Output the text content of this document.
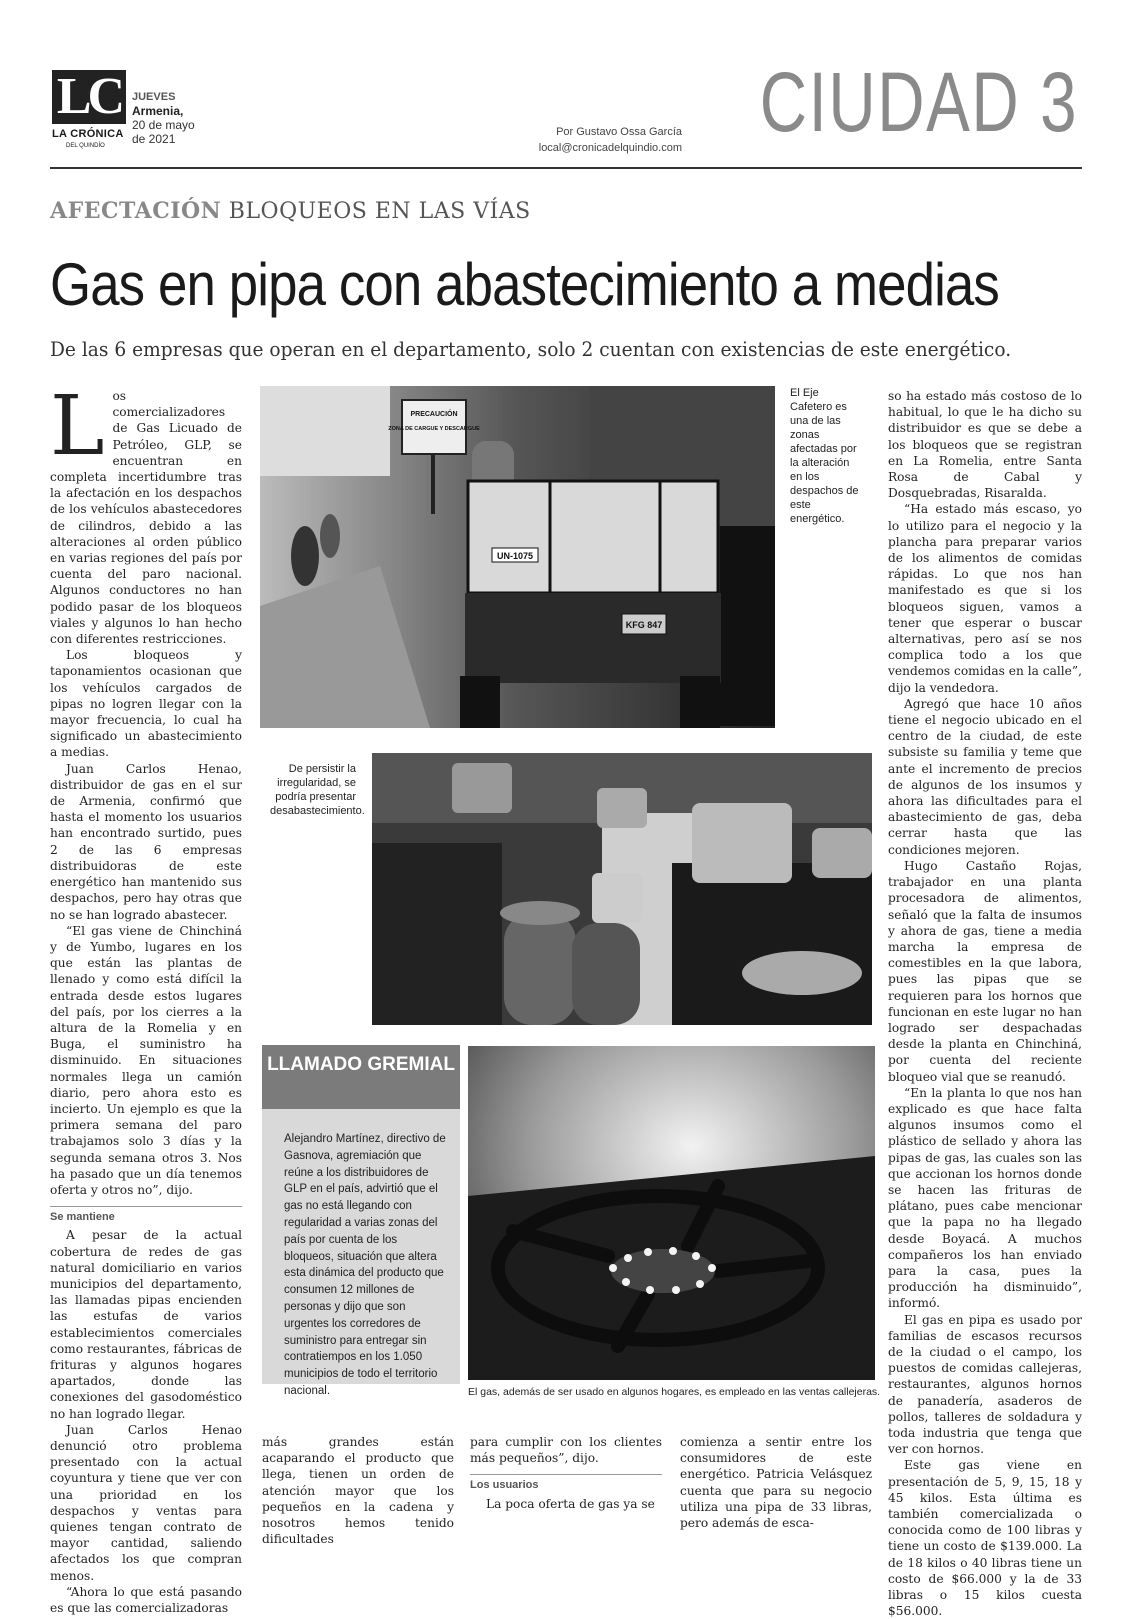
LC
LA CRÓNICA
DEL QUINDÍO
JUEVES
Armenia,
20 de mayo
de 2021	Por Gustavo Ossa García
local@cronicadelquindio.com CIUDAD 3
AFECTACIÓN BLOQUEOS EN LAS VÍAS
Gas en pipa con abastecimiento a medias
De las 6 empresas que operan en el departamento, solo 2 cuentan con existencias de este energético.
L os comercializadores de Gas Licuado de Petróleo, GLP, se encuentran en completa incertidumbre tras la afectación en los despachos de los vehículos abastecedores de cilindros, debido a las alteraciones al orden público en varias regiones del país por cuenta del paro nacional. Algunos conductores no han podido pasar de los bloqueos viales y algunos lo han hecho con diferentes restricciones.

Los bloqueos y taponamientos ocasionan que los vehículos cargados de pipas no logren llegar con la mayor frecuencia, lo cual ha significado un abastecimiento a medias.

Juan Carlos Henao, distribuidor de gas en el sur de Armenia, confirmó que hasta el momento los usuarios han encontrado surtido, pues 2 de las 6 empresas distribuidoras de este energético han mantenido sus despachos, pero hay otras que no se han logrado abastecer.

“El gas viene de Chinchiná y de Yumbo, lugares en los que están las plantas de llenado y como está difícil la entrada desde estos lugares del país, por los cierres a la altura de la Romelia y en Buga, el suministro ha disminuido. En situaciones normales llega un camión diario, pero ahora esto es incierto. Un ejemplo es que la primera semana del paro trabajamos solo 3 días y la segunda semana otros 3. Nos ha pasado que un día tenemos oferta y otros no”, dijo.

Se mantiene

A pesar de la actual cobertura de redes de gas natural domiciliario en varios municipios del departamento, las llamadas pipas encienden las estufas de varios establecimientos comerciales como restaurantes, fábricas de frituras y algunos hogares apartados, donde las conexiones del gasodoméstico no han logrado llegar.

Juan Carlos Henao denunció otro problema presentado con la actual coyuntura y tiene que ver con una prioridad en los despachos y ventas para quienes tengan contrato de mayor cantidad, saliendo afectados los que compran menos.

“Ahora lo que está pasando es que las comercializadoras

PRECAUCIÓN
ZONA DE CARGUE Y DESCARGUE
UN-1075
KFG 847
El Eje Cafetero es una de las zonas afectadas por la alteración en los despachos de este energético.

so ha estado más costoso de lo habitual, lo que le ha dicho su distribuidor es que se debe a los bloqueos que se registran en La Romelia, entre Santa Rosa de Cabal y Dosquebradas, Risaralda.

“Ha estado más escaso, yo lo utilizo para el negocio y la plancha para preparar varios de los alimentos de comidas rápidas. Lo que nos han manifestado es que si los bloqueos siguen, vamos a tener que esperar o buscar alternativas, pero así se nos complica todo a los que vendemos comidas en la calle”, dijo la vendedora.

Agregó que hace 10 años tiene el negocio ubicado en el centro de la ciudad, de este subsiste su familia y teme que ante el incremento de precios de algunos de los insumos y ahora las dificultades para el abastecimiento de gas, deba cerrar hasta que las condiciones mejoren.

Hugo Castaño Rojas, trabajador en una planta procesadora de alimentos, señaló que la falta de insumos y ahora de gas, tiene a media marcha la empresa de comestibles en la que labora, pues las pipas que se requieren para los hornos que funcionan en este lugar no han logrado ser despachadas desde la planta en Chinchiná, por cuenta del reciente bloqueo vial que se reanudó.

“En la planta lo que nos han explicado es que hace falta algunos insumos como el plástico de sellado y ahora las pipas de gas, las cuales son las que accionan los hornos donde se hacen las frituras de plátano, pues cabe mencionar que la papa no ha llegado desde Boyacá. A muchos compañeros los han enviado para la casa, pues la producción ha disminuido”, informó.

El gas en pipa es usado por familias de escasos recursos de la ciudad o el campo, los puestos de comidas callejeras, restaurantes, algunos hornos de panadería, asaderos de pollos, talleres de soldadura y toda industria que tenga que ver con hornos.

Este gas viene en presentación de 5, 9, 15, 18 y 45 kilos. Esta última es también comercializada o conocida como de 100 libras y tiene un costo de $139.000. La de 18 kilos o 40 libras tiene un costo de $66.000 y la de 33 libras o 15 kilos cuesta $56.000.

De persistir la irregularidad, se podría presentar desabastecimiento.
LLAMADO GREMIAL
Alejandro Martínez, directivo de Gasnova, agremiación que reúne a los distribuidores de GLP en el país, advirtió que el gas no está llegando con regularidad a varias zonas del país por cuenta de los bloqueos, situación que altera esta dinámica del producto que consumen 12 millones de personas y dijo que son urgentes los corredores de suministro para entregar sin contratiempos en los 1.050 municipios de todo el territorio nacional.	El gas, además de ser usado en algunos hogares, es empleado en las ventas callejeras.

más grandes están acaparando el producto que llega, tienen un orden de atención mayor que los pequeños en la cadena y nosotros hemos tenido dificultades

para cumplir con los clientes más pequeños”, dijo.

Los usuarios

La poca oferta de gas ya se

comienza a sentir entre los consumidores de este energético. Patricia Velásquez cuenta que para su negocio utiliza una pipa de 33 libras, pero además de esca-
